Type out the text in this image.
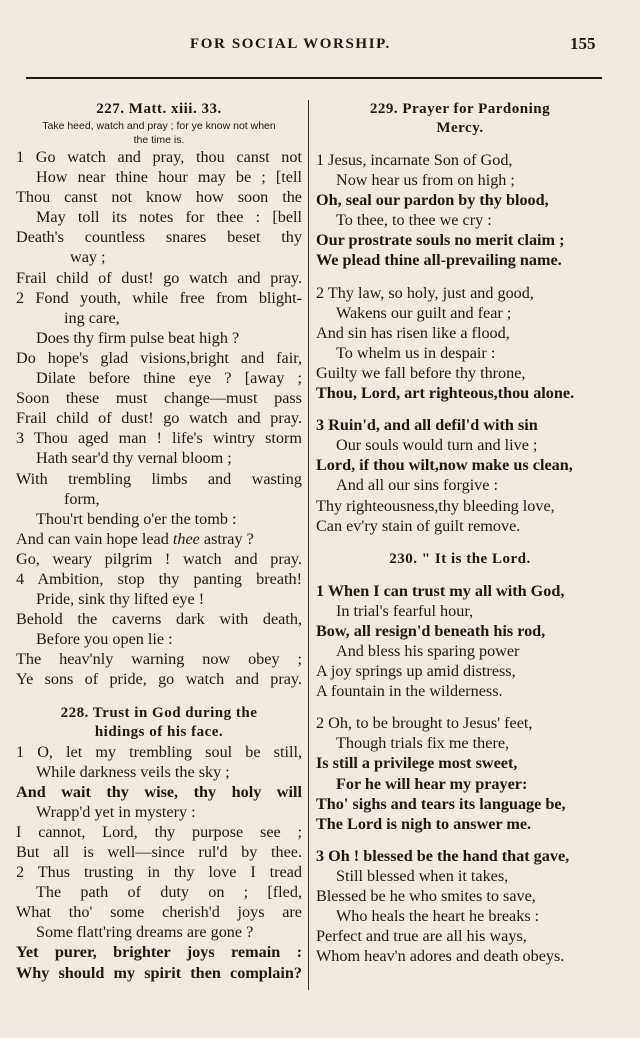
FOR SOCIAL WORSHIP.	155
227. Matt. xiii. 33.
Take heed, watch and pray ; for ye know not when
the time is.
1 Go watch and pray, thou canst not
How near thine hour may be ; [tell
Thou canst not know how soon the
May toll its notes for thee : [bell
Death's countless snares beset thy
way ;
Frail child of dust! go watch and pray.
2 Fond youth, while free from blight-
ing care,
Does thy firm pulse beat high ?
Do hope's glad visions,bright and fair,
Dilate before thine eye ? [away ;
Soon these must change—must pass
Frail child of dust! go watch and pray.
3 Thou aged man ! life's wintry storm
Hath sear'd thy vernal bloom ;
With trembling limbs and wasting
form,
Thou'rt bending o'er the tomb :
And can vain hope lead thee astray ?
Go, weary pilgrim ! watch and pray.
4 Ambition, stop thy panting breath!
Pride, sink thy lifted eye !
Behold the caverns dark with death,
Before you open lie :
The heav'nly warning now obey ;
Ye sons of pride, go watch and pray.
228. Trust in God during the
hidings of his face.
1 O, let my trembling soul be still,
While darkness veils the sky ;
And wait thy wise, thy holy will
Wrapp'd yet in mystery :
I cannot, Lord, thy purpose see ;
But all is well—since rul'd by thee.
2 Thus trusting in thy love I tread
The path of duty on ; [fled,
What tho' some cherish'd joys are
Some flatt'ring dreams are gone ?
Yet purer, brighter joys remain :
Why should my spirit then complain?
229. Prayer for Pardoning
Mercy.
1 Jesus, incarnate Son of God,
Now hear us from on high ;
Oh, seal our pardon by thy blood,
To thee, to thee we cry :
Our prostrate souls no merit claim ;
We plead thine all-prevailing name.
2 Thy law, so holy, just and good,
Wakens our guilt and fear ;
And sin has risen like a flood,
To whelm us in despair :
Guilty we fall before thy throne,
Thou, Lord, art righteous,thou alone.
3 Ruin'd, and all defil'd with sin
Our souls would turn and live ;
Lord, if thou wilt,now make us clean,
And all our sins forgive :
Thy righteousness,thy bleeding love,
Can ev'ry stain of guilt remove.
230. " It is the Lord.
1 When I can trust my all with God,
In trial's fearful hour,
Bow, all resign'd beneath his rod,
And bless his sparing power
A joy springs up amid distress,
A fountain in the wilderness.
2 Oh, to be brought to Jesus' feet,
Though trials fix me there,
Is still a privilege most sweet,
For he will hear my prayer:
Tho' sighs and tears its language be,
The Lord is nigh to answer me.
3 Oh ! blessed be the hand that gave,
Still blessed when it takes,
Blessed be he who smites to save,
Who heals the heart he breaks :
Perfect and true are all his ways,
Whom heav'n adores and death obeys.
